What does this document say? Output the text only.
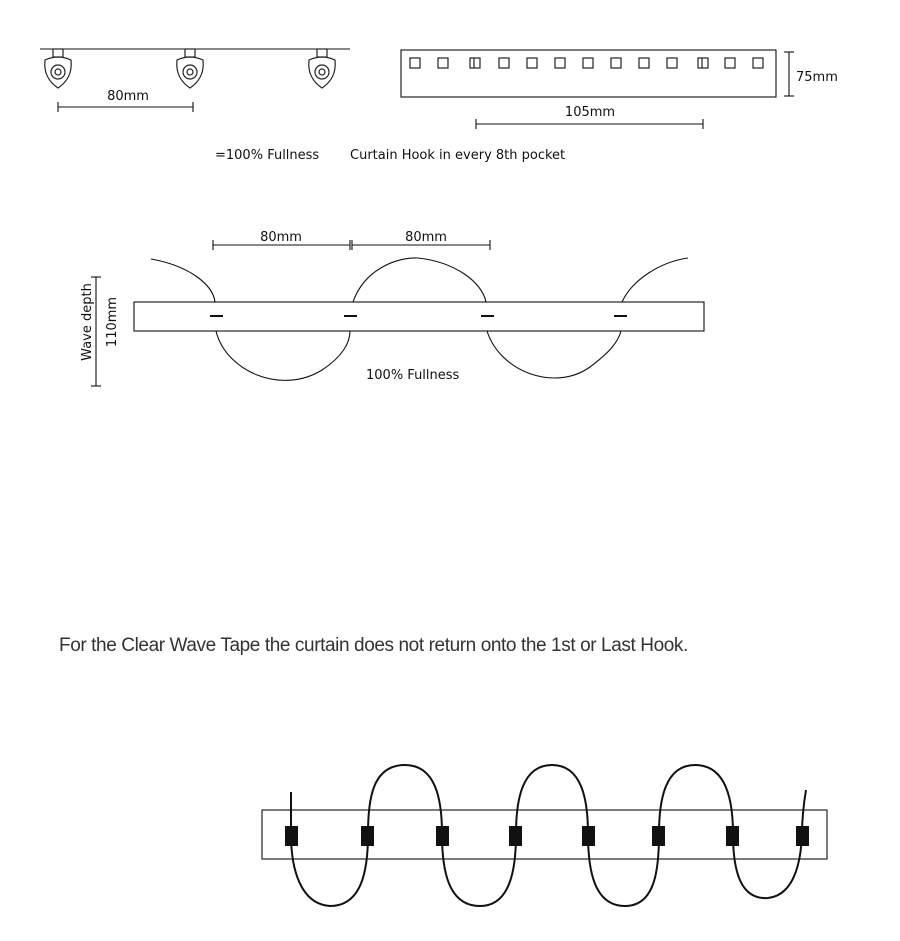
80mm
75mm
105mm
=100% Fullness Curtain Hook in every 8th pocket
80mm	80mm
Wave depth 110mm
100% Fullness
For the Clear Wave Tape the curtain does not return onto the 1st or Last Hook.
